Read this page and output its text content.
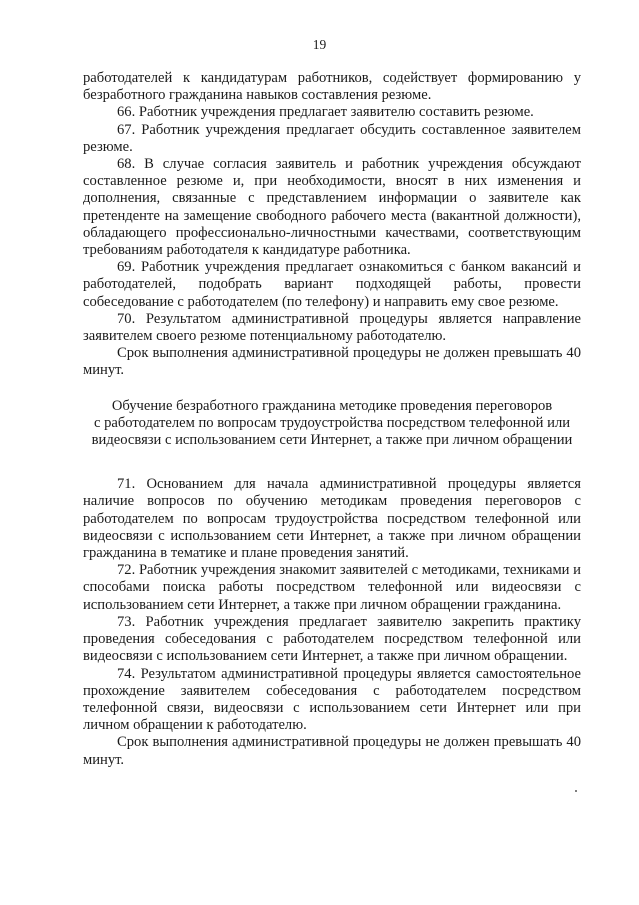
19

работодателей к кандидатурам работников, содействует формированию у безработного гражданина навыков составления резюме.

66. Работник учреждения предлагает заявителю составить резюме.

67. Работник учреждения предлагает обсудить составленное заявителем резюме.

68. В случае согласия заявитель и работник учреждения обсуждают составленное резюме и, при необходимости, вносят в них изменения и дополнения, связанные с представлением информации о заявителе как претенденте на замещение свободного рабочего места (вакантной должности), обладающего профессионально-личностными качествами, соответствующим требованиям работодателя к кандидатуре работника.

69. Работник учреждения предлагает ознакомиться с банком вакансий и работодателей, подобрать вариант подходящей работы, провести собеседование с работодателем (по телефону) и направить ему свое резюме.

70. Результатом административной процедуры является направление заявителем своего резюме потенциальному работодателю.

Срок выполнения административной процедуры не должен превышать 40 минут.

Обучение безработного гражданина методике проведения переговоров
с работодателем по вопросам трудоустройства посредством телефонной или
видеосвязи с использованием сети Интернет, а также при личном обращении

71. Основанием для начала административной процедуры является наличие вопросов по обучению методикам проведения переговоров с работодателем по вопросам трудоустройства посредством телефонной или видеосвязи с использованием сети Интернет, а также при личном обращении гражданина в тематике и плане проведения занятий.

72. Работник учреждения знакомит заявителей с методиками, техниками и способами поиска работы посредством телефонной или видеосвязи с использованием сети Интернет, а также при личном обращении гражданина.

73. Работник учреждения предлагает заявителю закрепить практику проведения собеседования с работодателем посредством телефонной или видеосвязи с использованием сети Интернет, а также при личном обращении.

74. Результатом административной процедуры является самостоятельное прохождение заявителем собеседования с работодателем посредством телефонной связи, видеосвязи с использованием сети Интернет или при личном обращении к работодателю.

Срок выполнения административной процедуры не должен превышать 40 минут.
